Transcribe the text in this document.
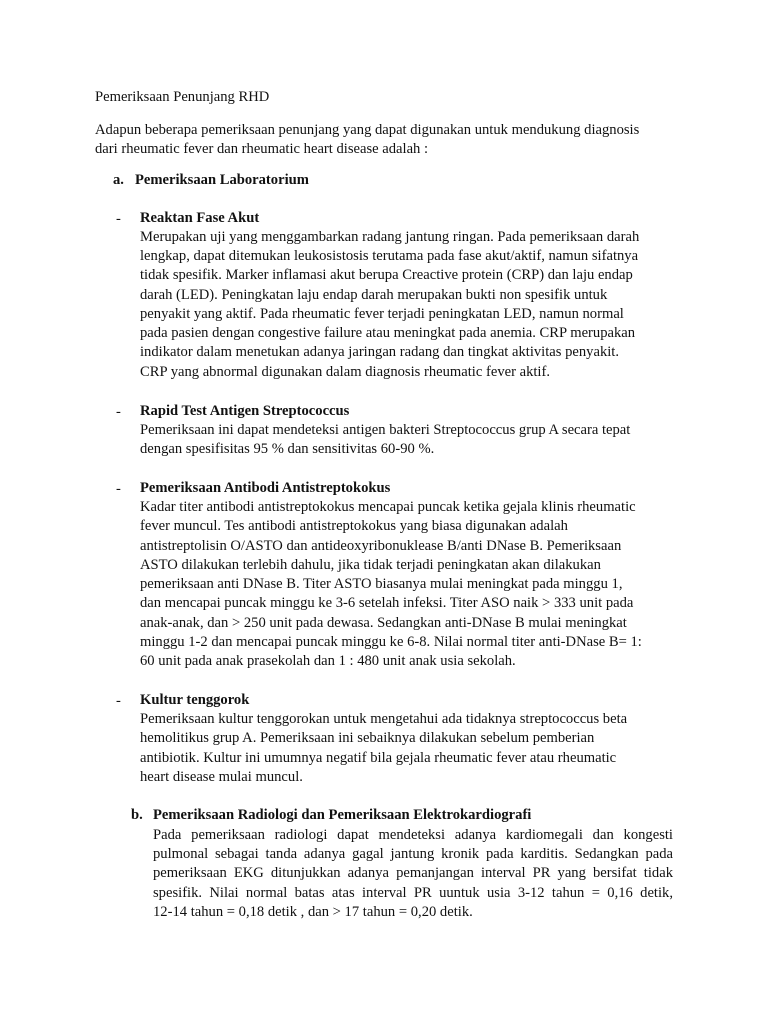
Pemeriksaan Penunjang RHD
Adapun beberapa pemeriksaan penunjang yang dapat digunakan untuk mendukung diagnosis
dari rheumatic fever dan rheumatic heart disease adalah :
a. Pemeriksaan Laboratorium
- Reaktan Fase Akut
Merupakan uji yang menggambarkan radang jantung ringan. Pada pemeriksaan darah
lengkap, dapat ditemukan leukosistosis terutama pada fase akut/aktif, namun sifatnya
tidak spesifik. Marker inflamasi akut berupa Creactive protein (CRP) dan laju endap
darah (LED). Peningkatan laju endap darah merupakan bukti non spesifik untuk
penyakit yang aktif. Pada rheumatic fever terjadi peningkatan LED, namun normal
pada pasien dengan congestive failure atau meningkat pada anemia. CRP merupakan
indikator dalam menetukan adanya jaringan radang dan tingkat aktivitas penyakit.
CRP yang abnormal digunakan dalam diagnosis rheumatic fever aktif.
- Rapid Test Antigen Streptococcus
Pemeriksaan ini dapat mendeteksi antigen bakteri Streptococcus grup A secara tepat
dengan spesifisitas 95 % dan sensitivitas 60-90 %.
- Pemeriksaan Antibodi Antistreptokokus
Kadar titer antibodi antistreptokokus mencapai puncak ketika gejala klinis rheumatic
fever muncul. Tes antibodi antistreptokokus yang biasa digunakan adalah
antistreptolisin O/ASTO dan antideoxyribonuklease B/anti DNase B. Pemeriksaan
ASTO dilakukan terlebih dahulu, jika tidak terjadi peningkatan akan dilakukan
pemeriksaan anti DNase B. Titer ASTO biasanya mulai meningkat pada minggu 1,
dan mencapai puncak minggu ke 3-6 setelah infeksi. Titer ASO naik > 333 unit pada
anak-anak, dan > 250 unit pada dewasa. Sedangkan anti-DNase B mulai meningkat
minggu 1-2 dan mencapai puncak minggu ke 6-8. Nilai normal titer anti-DNase B= 1:
60 unit pada anak prasekolah dan 1 : 480 unit anak usia sekolah.
- Kultur tenggorok
Pemeriksaan kultur tenggorokan untuk mengetahui ada tidaknya streptococcus beta
hemolitikus grup A. Pemeriksaan ini sebaiknya dilakukan sebelum pemberian
antibiotik. Kultur ini umumnya negatif bila gejala rheumatic fever atau rheumatic
heart disease mulai muncul.
b. Pemeriksaan Radiologi dan Pemeriksaan Elektrokardiografi
Pada pemeriksaan radiologi dapat mendeteksi adanya kardiomegali dan kongesti
pulmonal sebagai tanda adanya gagal jantung kronik pada karditis. Sedangkan pada
pemeriksaan EKG ditunjukkan adanya pemanjangan interval PR yang bersifat tidak
spesifik. Nilai normal batas atas interval PR uuntuk usia 3-12 tahun = 0,16 detik,
12-14 tahun = 0,18 detik , dan > 17 tahun = 0,20 detik.
